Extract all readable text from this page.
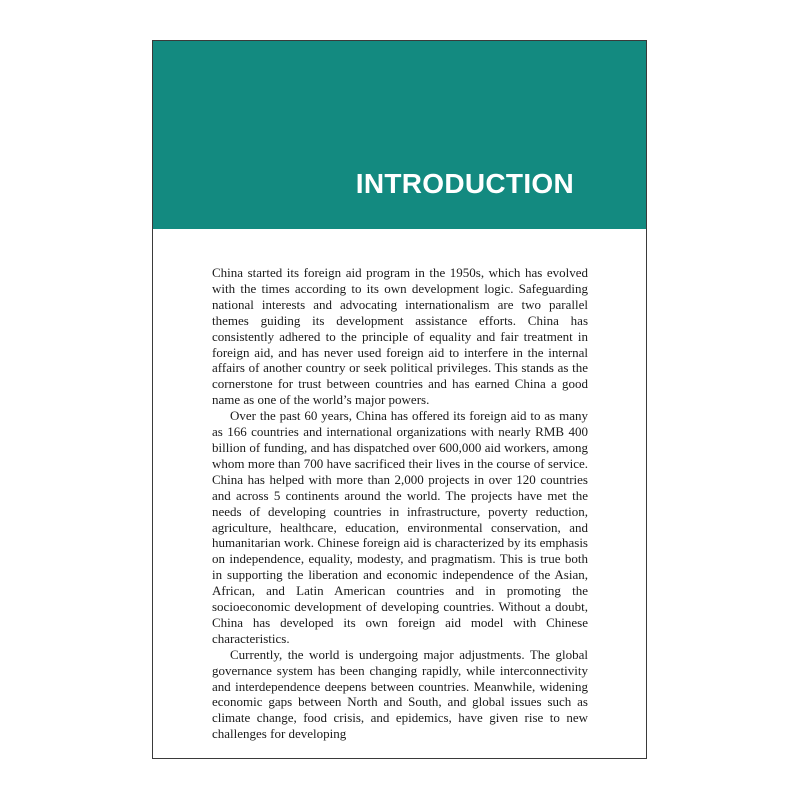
INTRODUCTION

China started its foreign aid program in the 1950s, which has evolved with the times according to its own development logic. Safeguarding national interests and advocating internationalism are two parallel themes guiding its development assistance efforts. China has consistently adhered to the principle of equality and fair treatment in foreign aid, and has never used foreign aid to interfere in the internal affairs of another country or seek political privileges. This stands as the cornerstone for trust between countries and has earned China a good name as one of the world’s major powers.

Over the past 60 years, China has offered its foreign aid to as many as 166 countries and international organizations with nearly RMB 400 billion of funding, and has dispatched over 600,000 aid workers, among whom more than 700 have sacrificed their lives in the course of service. China has helped with more than 2,000 projects in over 120 countries and across 5 continents around the world. The projects have met the needs of developing countries in infrastructure, poverty reduction, agriculture, healthcare, education, environmental conservation, and humanitarian work. Chinese foreign aid is characterized by its emphasis on independence, equality, modesty, and pragmatism. This is true both in supporting the liberation and economic independence of the Asian, African, and Latin American countries and in promoting the socioeconomic development of developing countries. Without a doubt, China has developed its own foreign aid model with Chinese characteristics.

Currently, the world is undergoing major adjustments. The global governance system has been changing rapidly, while interconnectivity and interdependence deepens between countries. Meanwhile, widening economic gaps between North and South, and global issues such as climate change, food crisis, and epidemics, have given rise to new challenges for developing
